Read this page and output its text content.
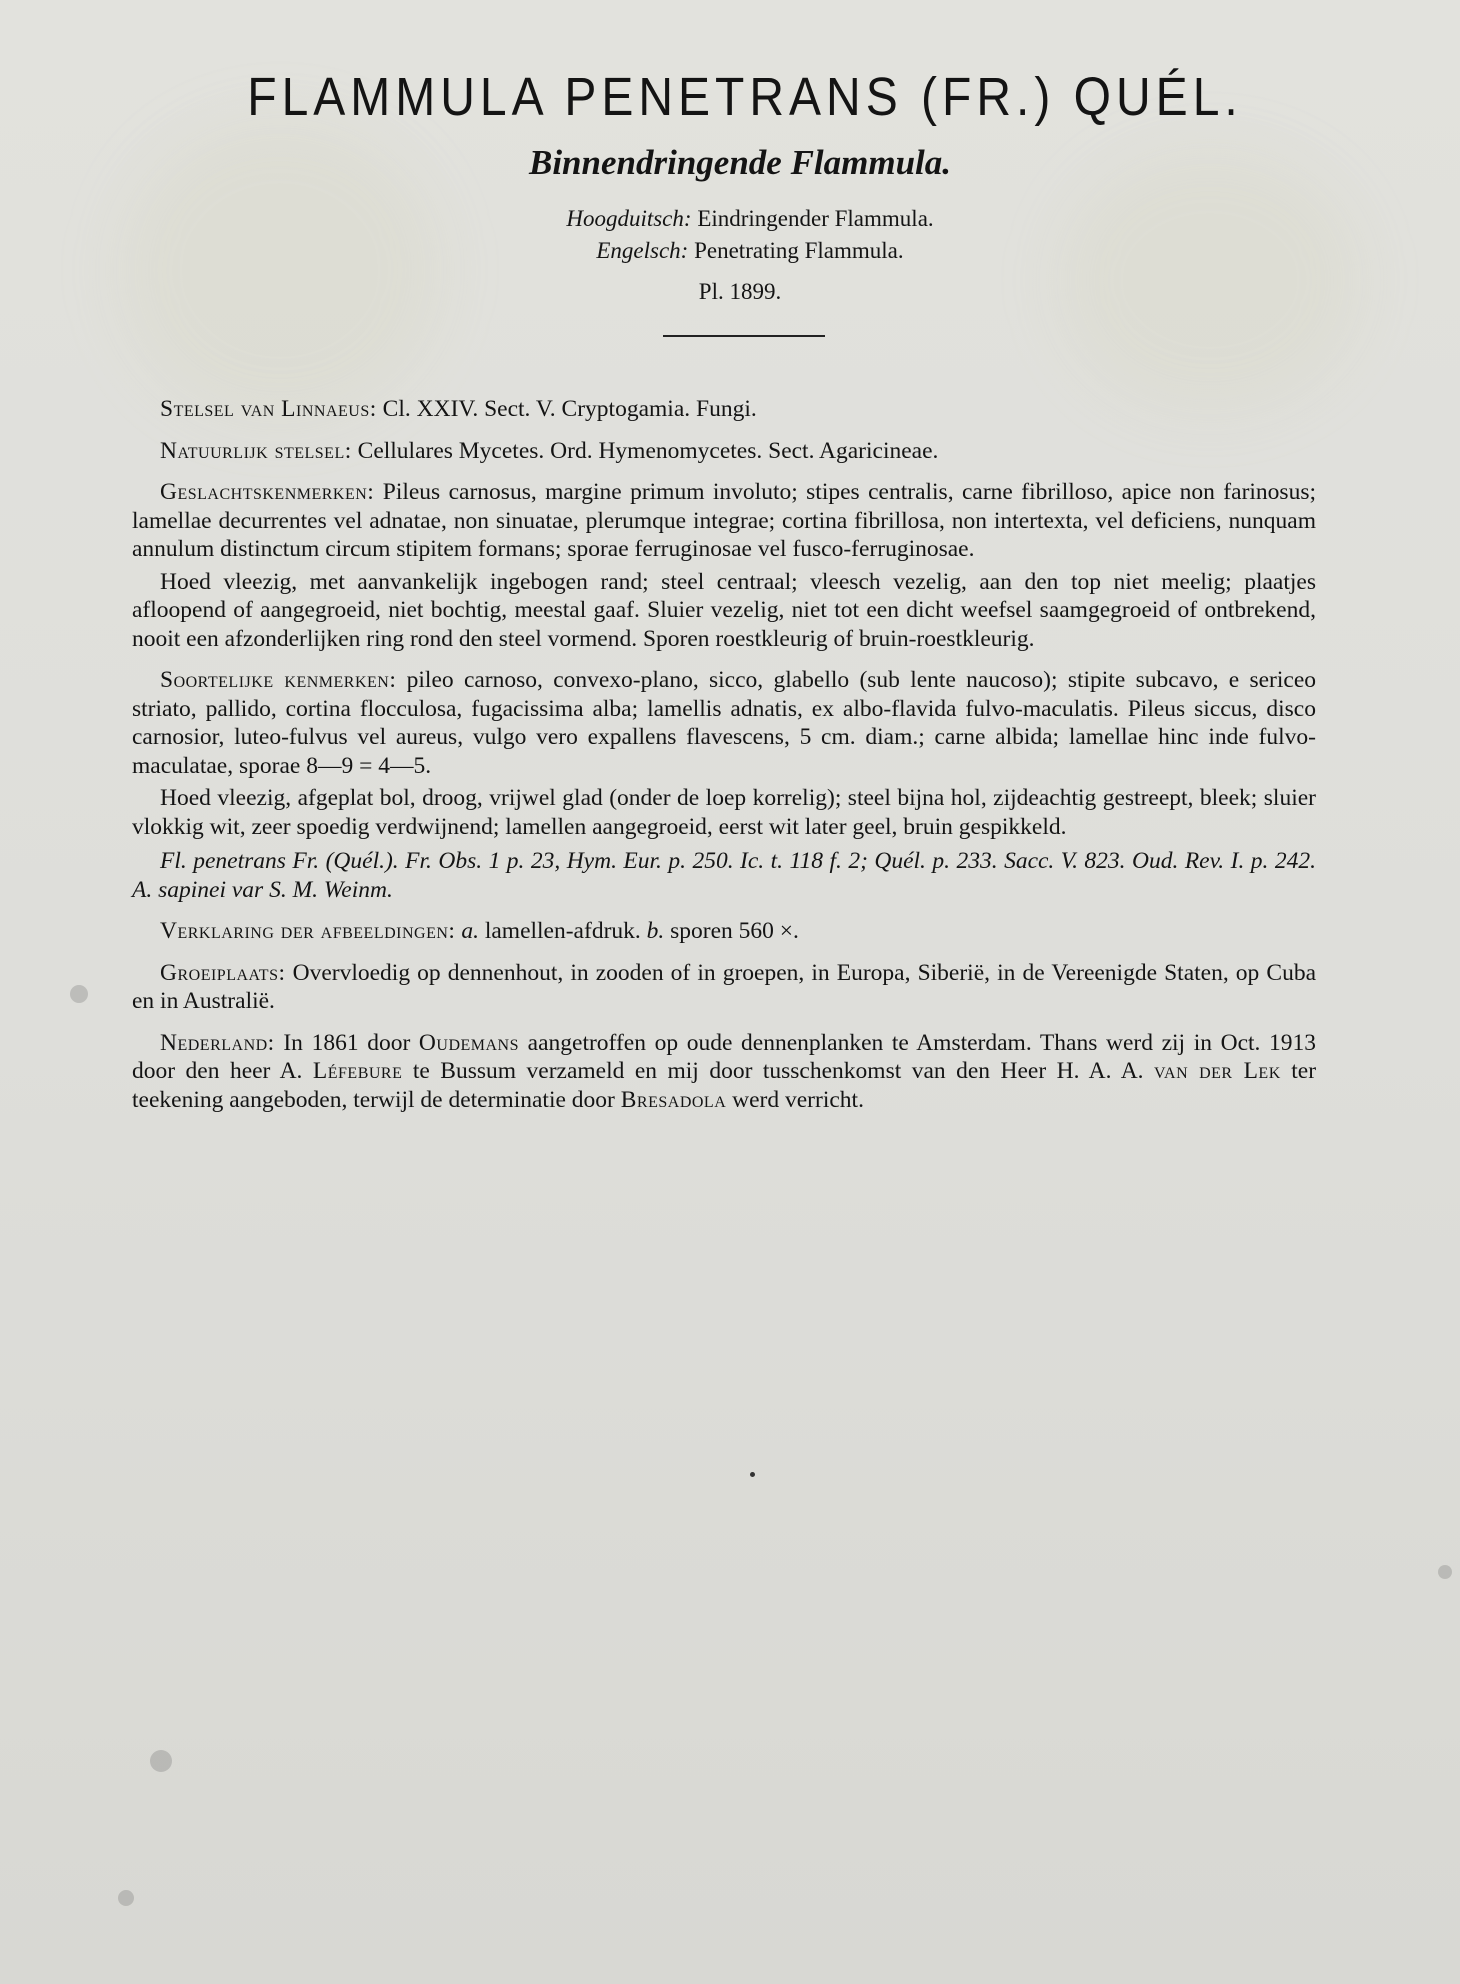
FLAMMULA PENETRANS (FR.) QUÉL.
Binnendringende Flammula.
Hoogduitsch: Eindringender Flammula.
Engelsch: Penetrating Flammula.
Pl. 1899.

Stelsel van Linnaeus: Cl. XXIV. Sect. V. Cryptogamia. Fungi.

Natuurlijk stelsel: Cellulares Mycetes. Ord. Hymenomycetes. Sect. Agaricineae.

Geslachtskenmerken: Pileus carnosus, margine primum involuto; stipes centralis, carne fibrilloso, apice non farinosus; lamellae decurrentes vel adnatae, non sinuatae, plerumque integrae; cortina fibrillosa, non intertexta, vel deficiens, nunquam annulum distinctum circum stipitem formans; sporae ferruginosae vel fusco-ferruginosae.

Hoed vleezig, met aanvankelijk ingebogen rand; steel centraal; vleesch vezelig, aan den top niet meelig; plaatjes afloopend of aangegroeid, niet bochtig, meestal gaaf. Sluier vezelig, niet tot een dicht weefsel saamgegroeid of ontbrekend, nooit een afzonderlijken ring rond den steel vormend. Sporen roestkleurig of bruin-roestkleurig.

Soortelijke kenmerken: pileo carnoso, convexo-plano, sicco, glabello (sub lente naucoso); stipite subcavo, e sericeo striato, pallido, cortina flocculosa, fugacissima alba; lamellis adnatis, ex albo-flavida fulvo-maculatis. Pileus siccus, disco carnosior, luteo-fulvus vel aureus, vulgo vero expallens flavescens, 5 cm. diam.; carne albida; lamellae hinc inde fulvo-maculatae, sporae 8—9 = 4—5.

Hoed vleezig, afgeplat bol, droog, vrijwel glad (onder de loep korrelig); steel bijna hol, zijdeachtig gestreept, bleek; sluier vlokkig wit, zeer spoedig verdwijnend; lamellen aangegroeid, eerst wit later geel, bruin gespikkeld.

Fl. penetrans Fr. (Quél.). Fr. Obs. 1 p. 23, Hym. Eur. p. 250. Ic. t. 118 f. 2; Quél. p. 233. Sacc. V. 823. Oud. Rev. I. p. 242. A. sapinei var S. M. Weinm.

Verklaring der afbeeldingen: a. lamellen-afdruk. b. sporen 560 ×.

Groeiplaats: Overvloedig op dennenhout, in zooden of in groepen, in Europa, Siberië, in de Vereenigde Staten, op Cuba en in Australië.

Nederland: In 1861 door Oudemans aangetroffen op oude dennenplanken te Amsterdam. Thans werd zij in Oct. 1913 door den heer A. Léfebure te Bussum verzameld en mij door tusschenkomst van den Heer H. A. A. van der Lek ter teekening aangeboden, terwijl de determinatie door Bresadola werd verricht.
